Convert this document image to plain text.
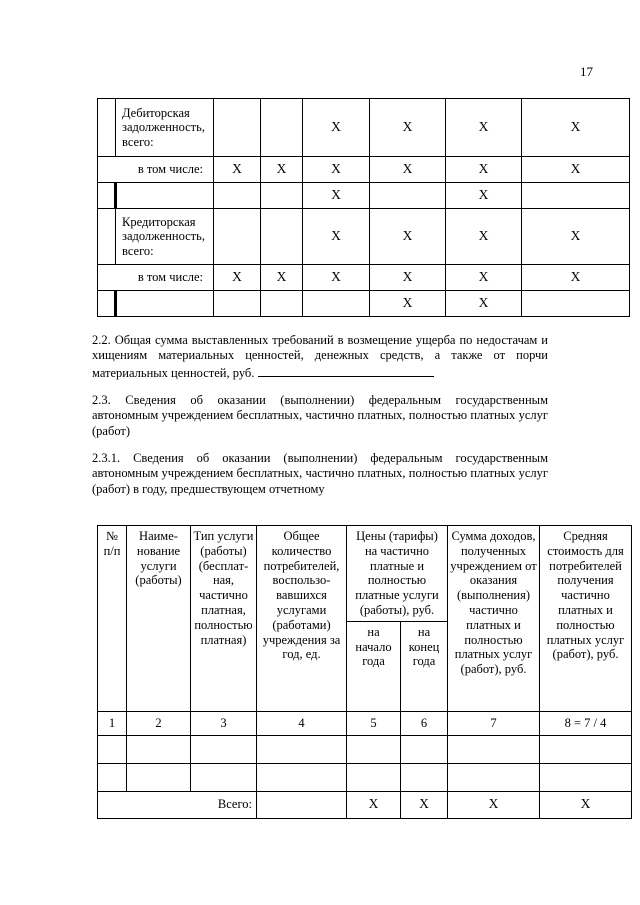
17
	Дебиторская задолженность, всего:			X	X	X	X
в том числе:		X	X	X	X	X	X
				X		X	
	Кредиторская задолженность, всего:			X	X	X	X
в том числе:		X	X	X	X	X	X
					X	X	
2.2. Общая сумма выставленных требований в возмещение ущерба по недостачам и хищениям материальных ценностей, денежных средств, а также от порчи материальных ценностей, руб.
2.3. Сведения об оказании (выполнении) федеральным государственным автономным учреждением бесплатных, частично платных, полностью платных услуг (работ)
2.3.1. Сведения об оказании (выполнении) федеральным государственным автономным учреждением бесплатных, частично платных, полностью платных услуг (работ) в году, предшествующем отчетному
№ п/п	Наиме-нование услуги (работы)	Тип услуги (работы) (бесплат-ная, частично платная, полностью платная)	Общее количество потребителей, воспользо-вавшихся услугами (работами) учреждения за год, ед.	Цены (тарифы) на частично платные и полностью платные услуги (работы), руб.		Сумма доходов, полученных учреждением от оказания (выполнения) частично платных и полностью платных услуг (работ), руб.	Средняя стоимость для потребителей получения частично платных и полностью платных услуг (работ), руб.
				на начало года	на конец года		
1	2	3	4	5	6	7	8 = 7 / 4

Всего:				X	X	X	X
